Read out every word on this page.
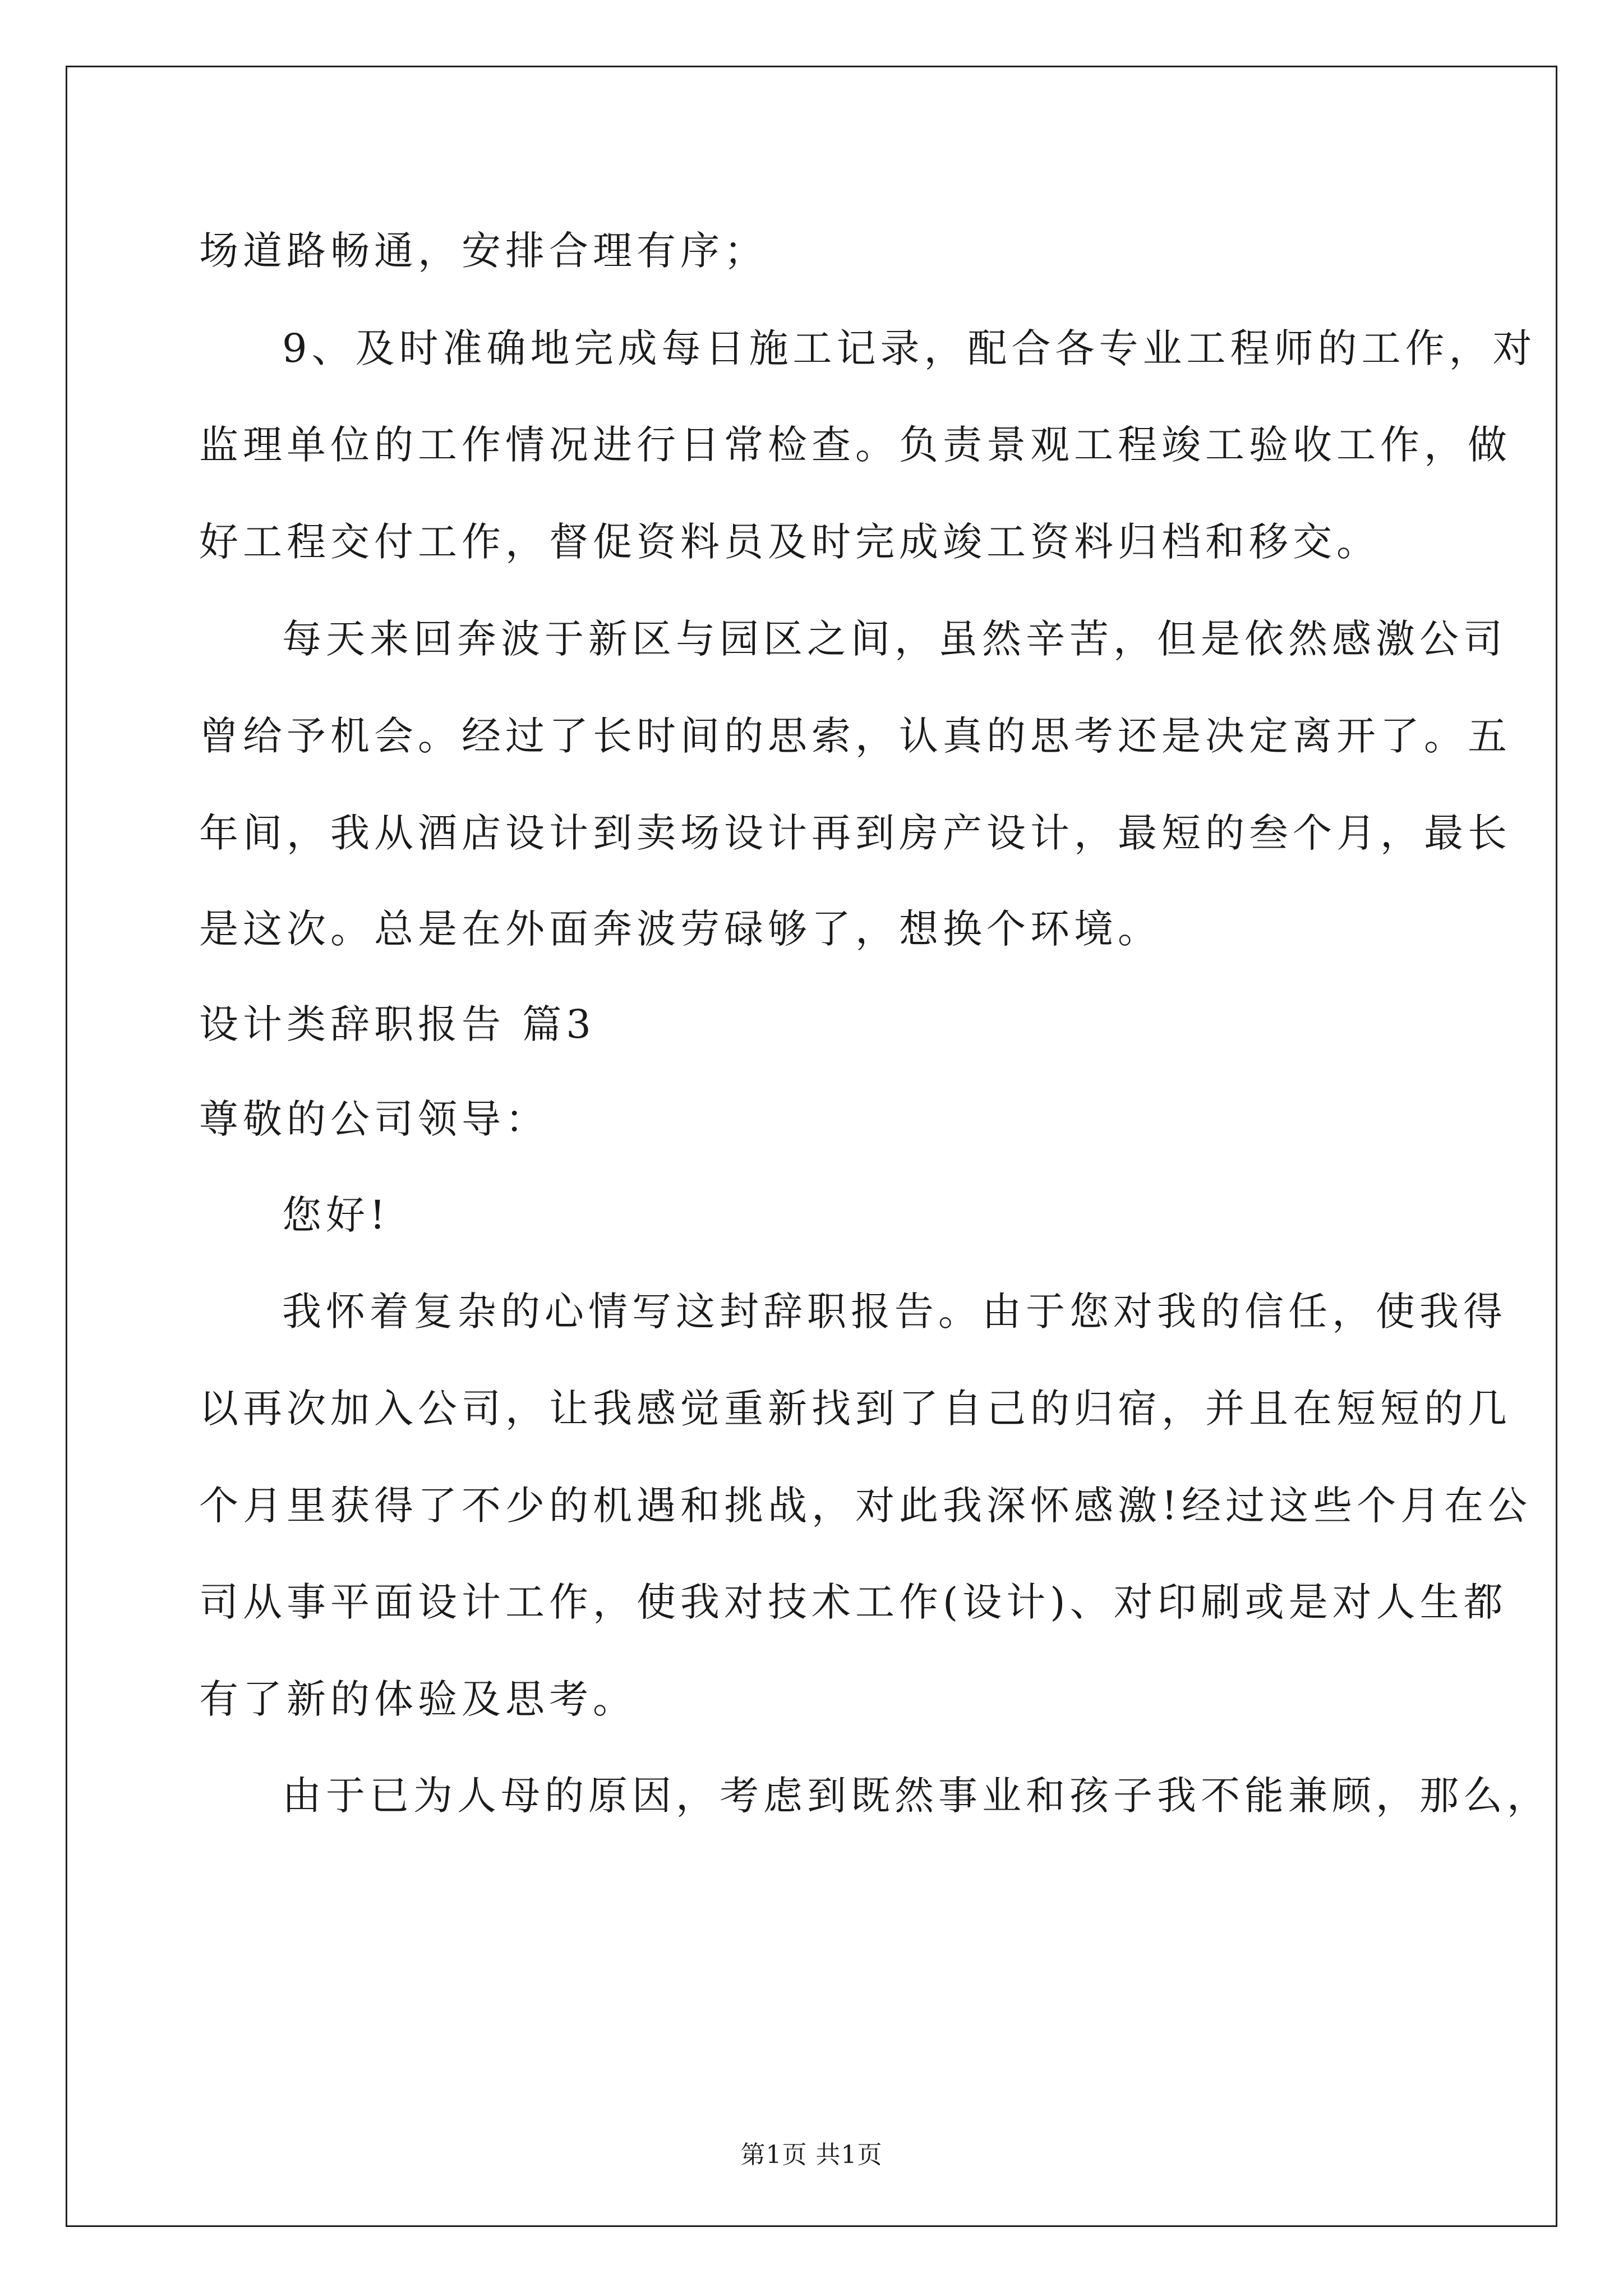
场道路畅通，安排合理有序；
9、及时准确地完成每日施工记录，配合各专业工程师的工作，对
监理单位的工作情况进行日常检查。负责景观工程竣工验收工作，做
好工程交付工作，督促资料员及时完成竣工资料归档和移交。
每天来回奔波于新区与园区之间，虽然辛苦，但是依然感激公司
曾给予机会。经过了长时间的思索，认真的思考还是决定离开了。五
年间，我从酒店设计到卖场设计再到房产设计，最短的叁个月，最长
是这次。总是在外面奔波劳碌够了，想换个环境。
设计类辞职报告 篇3
尊敬的公司领导：
您好!
我怀着复杂的心情写这封辞职报告。由于您对我的信任，使我得
以再次加入公司，让我感觉重新找到了自己的归宿，并且在短短的几
个月里获得了不少的机遇和挑战，对此我深怀感激!经过这些个月在公
司从事平面设计工作，使我对技术工作(设计)、对印刷或是对人生都
有了新的体验及思考。
由于已为人母的原因，考虑到既然事业和孩子我不能兼顾，那么，
第1页 共1页
